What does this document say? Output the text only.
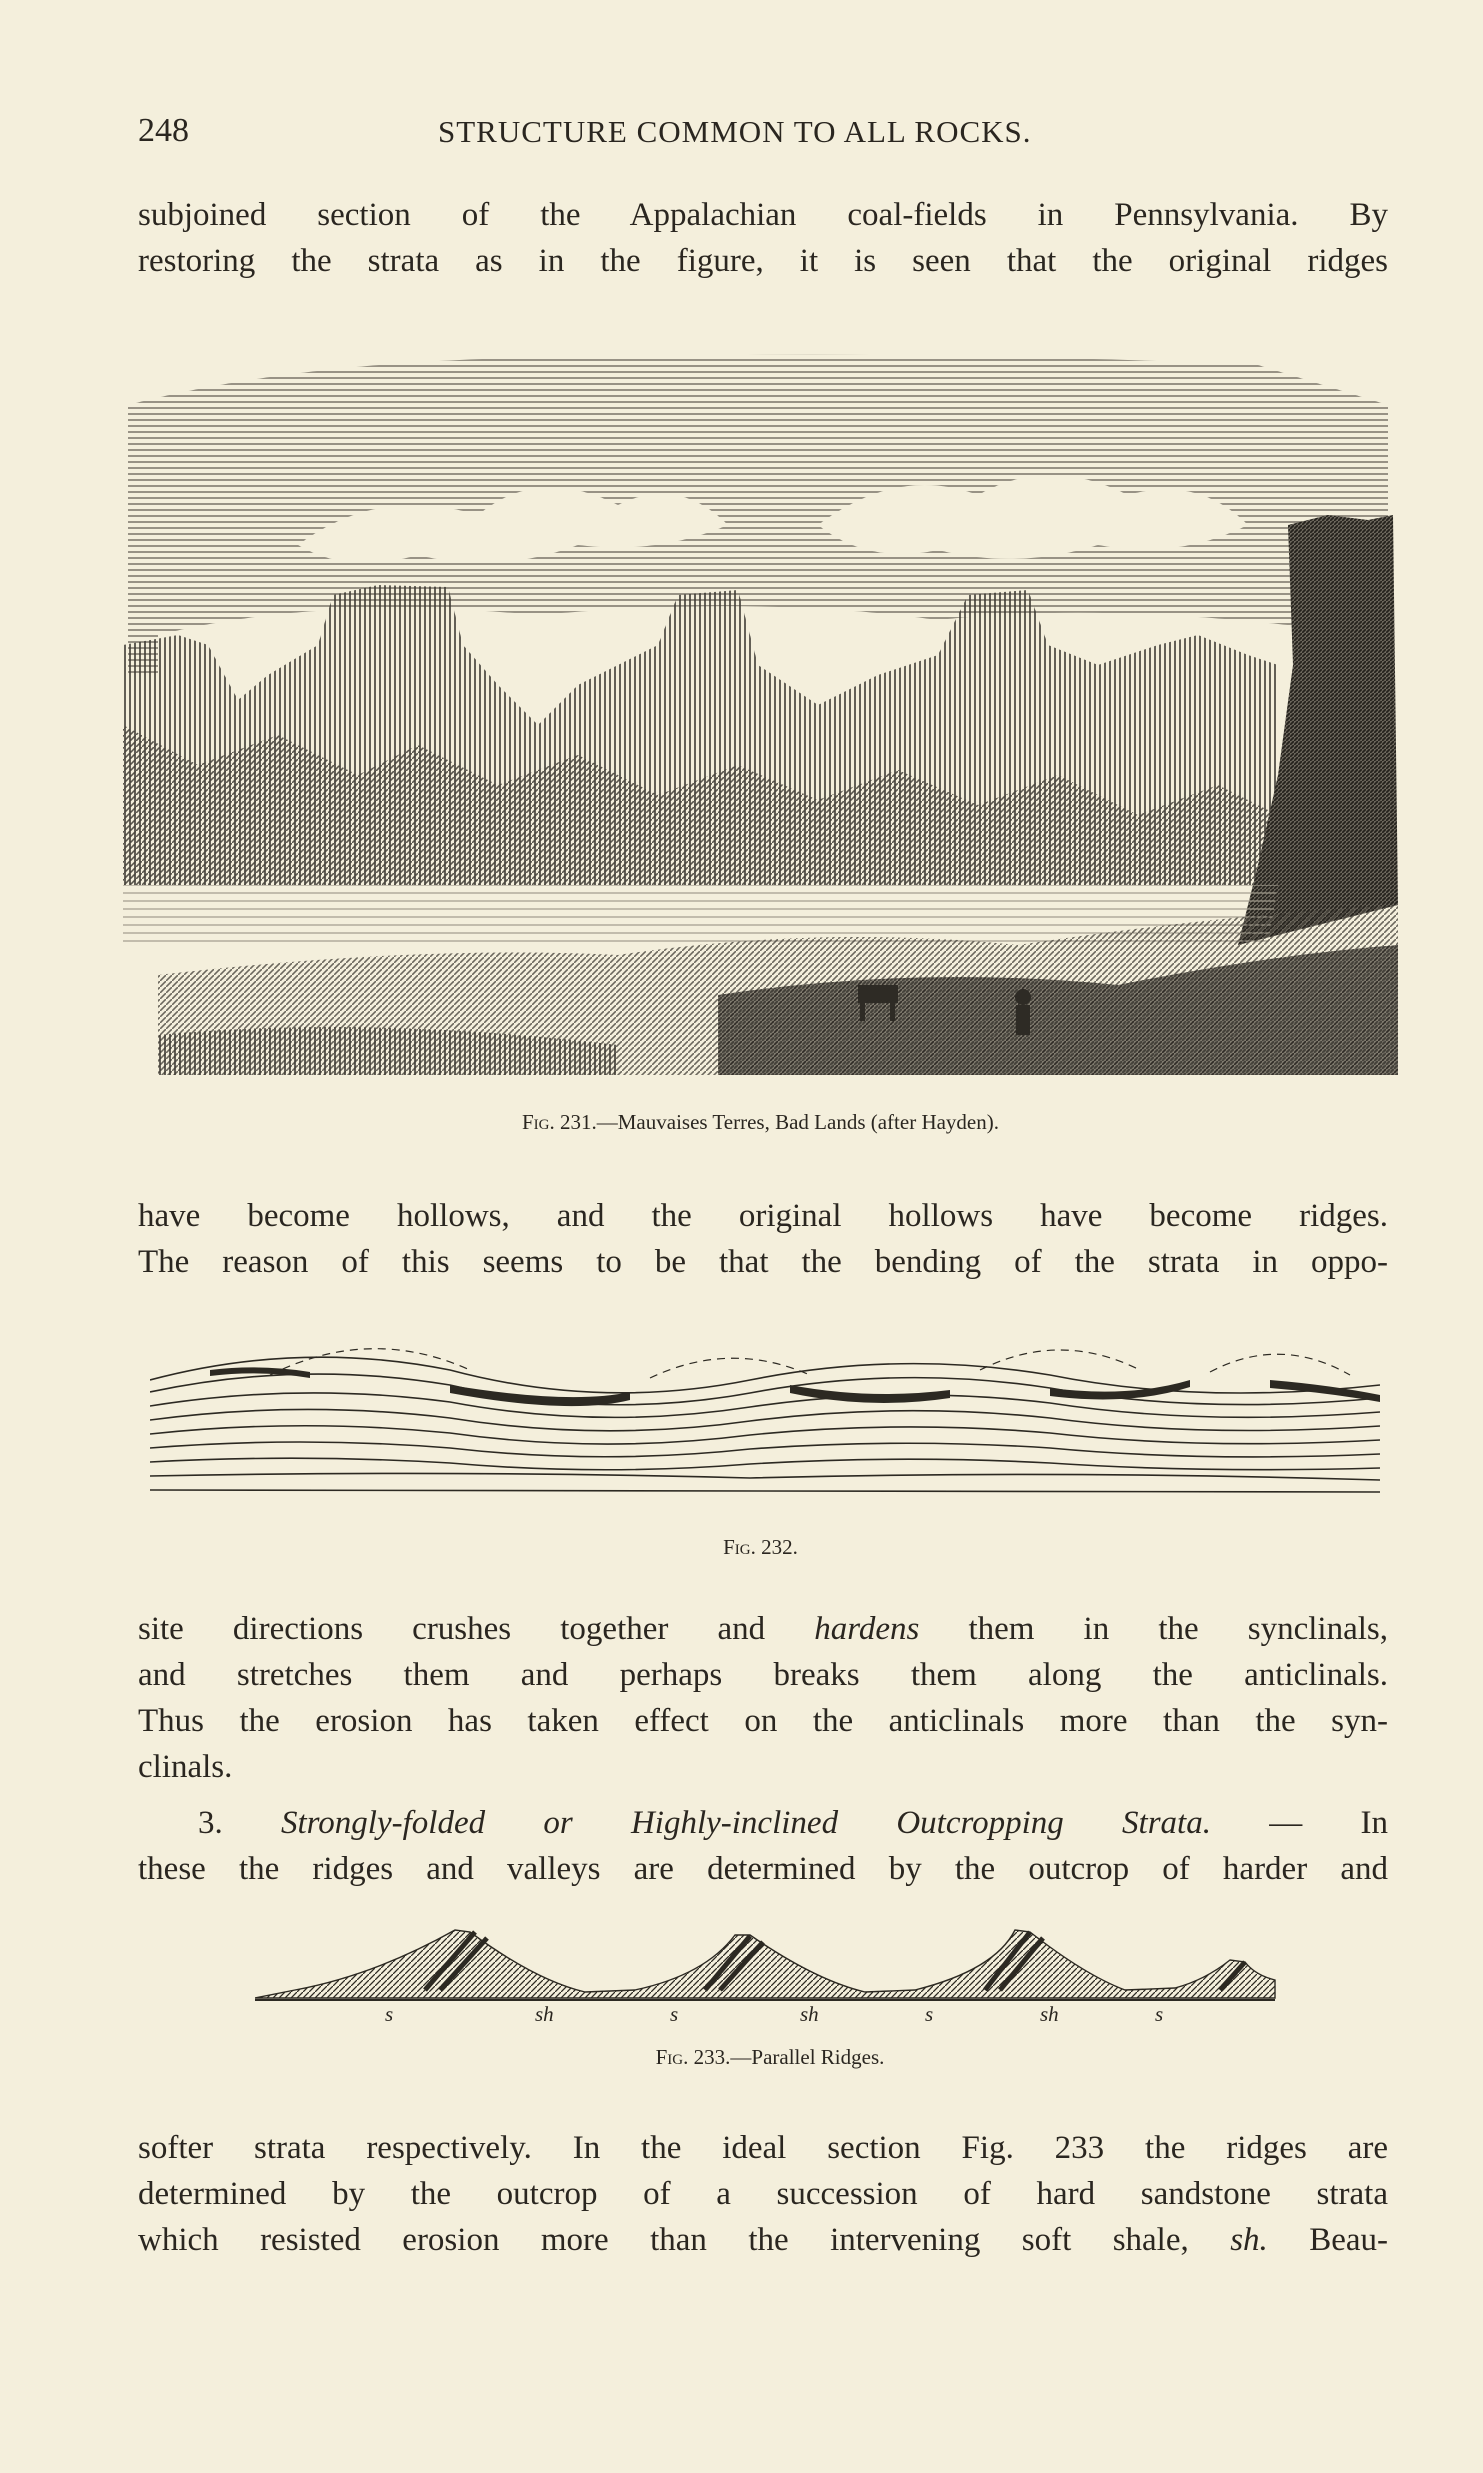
248	STRUCTURE COMMON TO ALL ROCKS.
subjoined section of the Appalachian coal-fields in Pennsylvania. By
restoring the strata as in the figure, it is seen that the original ridges
Fig. 231.—Mauvaises Terres, Bad Lands (after Hayden).
have become hollows, and the original hollows have become ridges.
The reason of this seems to be that the bending of the strata in oppo-
Fig. 232.
site directions crushes together and hardens them in the synclinals,
and stretches them and perhaps breaks them along the anticlinals.
Thus the erosion has taken effect on the anticlinals more than the syn-
clinals.
3. Strongly-folded or Highly-inclined Outcropping Strata. — In
these the ridges and valleys are determined by the outcrop of harder and
s	sh	s	sh	s	sh	s
Fig. 233.—Parallel Ridges.
softer strata respectively. In the ideal section Fig. 233 the ridges are
determined by the outcrop of a succession of hard sandstone strata
which resisted erosion more than the intervening soft shale, sh. Beau-
